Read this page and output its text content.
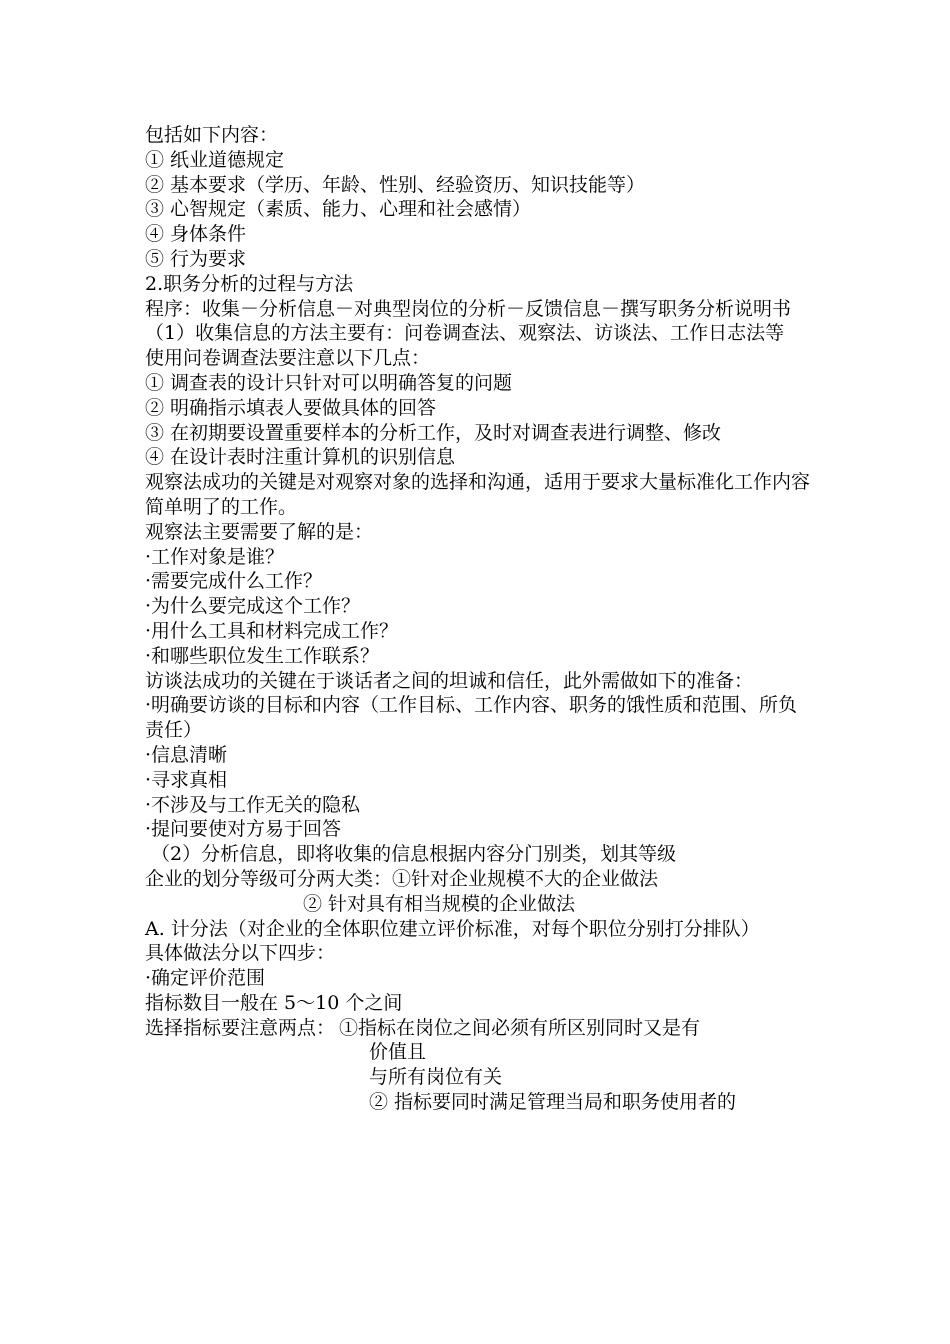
包括如下内容：
① 纸业道德规定
② 基本要求（学历、年龄、性别、经验资历、知识技能等）
③ 心智规定（素质、能力、心理和社会感情）
④ 身体条件
⑤ 行为要求
2.职务分析的过程与方法
程序：收集－分析信息－对典型岗位的分析－反馈信息－撰写职务分析说明书
（1）收集信息的方法主要有：问卷调查法、观察法、访谈法、工作日志法等
使用问卷调查法要注意以下几点：
① 调查表的设计只针对可以明确答复的问题
② 明确指示填表人要做具体的回答
③ 在初期要设置重要样本的分析工作，及时对调查表进行调整、修改
④ 在设计表时注重计算机的识别信息
观察法成功的关键是对观察对象的选择和沟通，适用于要求大量标准化工作内容简单明了的工作。
观察法主要需要了解的是：
·工作对象是谁？
·需要完成什么工作？
·为什么要完成这个工作？
·用什么工具和材料完成工作？
·和哪些职位发生工作联系？
访谈法成功的关键在于谈话者之间的坦诚和信任，此外需做如下的准备：
·明确要访谈的目标和内容（工作目标、工作内容、职务的饿性质和范围、所负责任）
·信息清晰
·寻求真相
·不涉及与工作无关的隐私
·提问要使对方易于回答
（2）分析信息，即将收集的信息根据内容分门别类，划其等级
企业的划分等级可分两大类：①针对企业规模不大的企业做法
② 针对具有相当规模的企业做法
A. 计分法（对企业的全体职位建立评价标准，对每个职位分别打分排队）
具体做法分以下四步：
·确定评价范围
指标数目一般在 5～10 个之间
选择指标要注意两点： ①指标在岗位之间必须有所区别同时又是有
价值且
与所有岗位有关
② 指标要同时满足管理当局和职务使用者的
